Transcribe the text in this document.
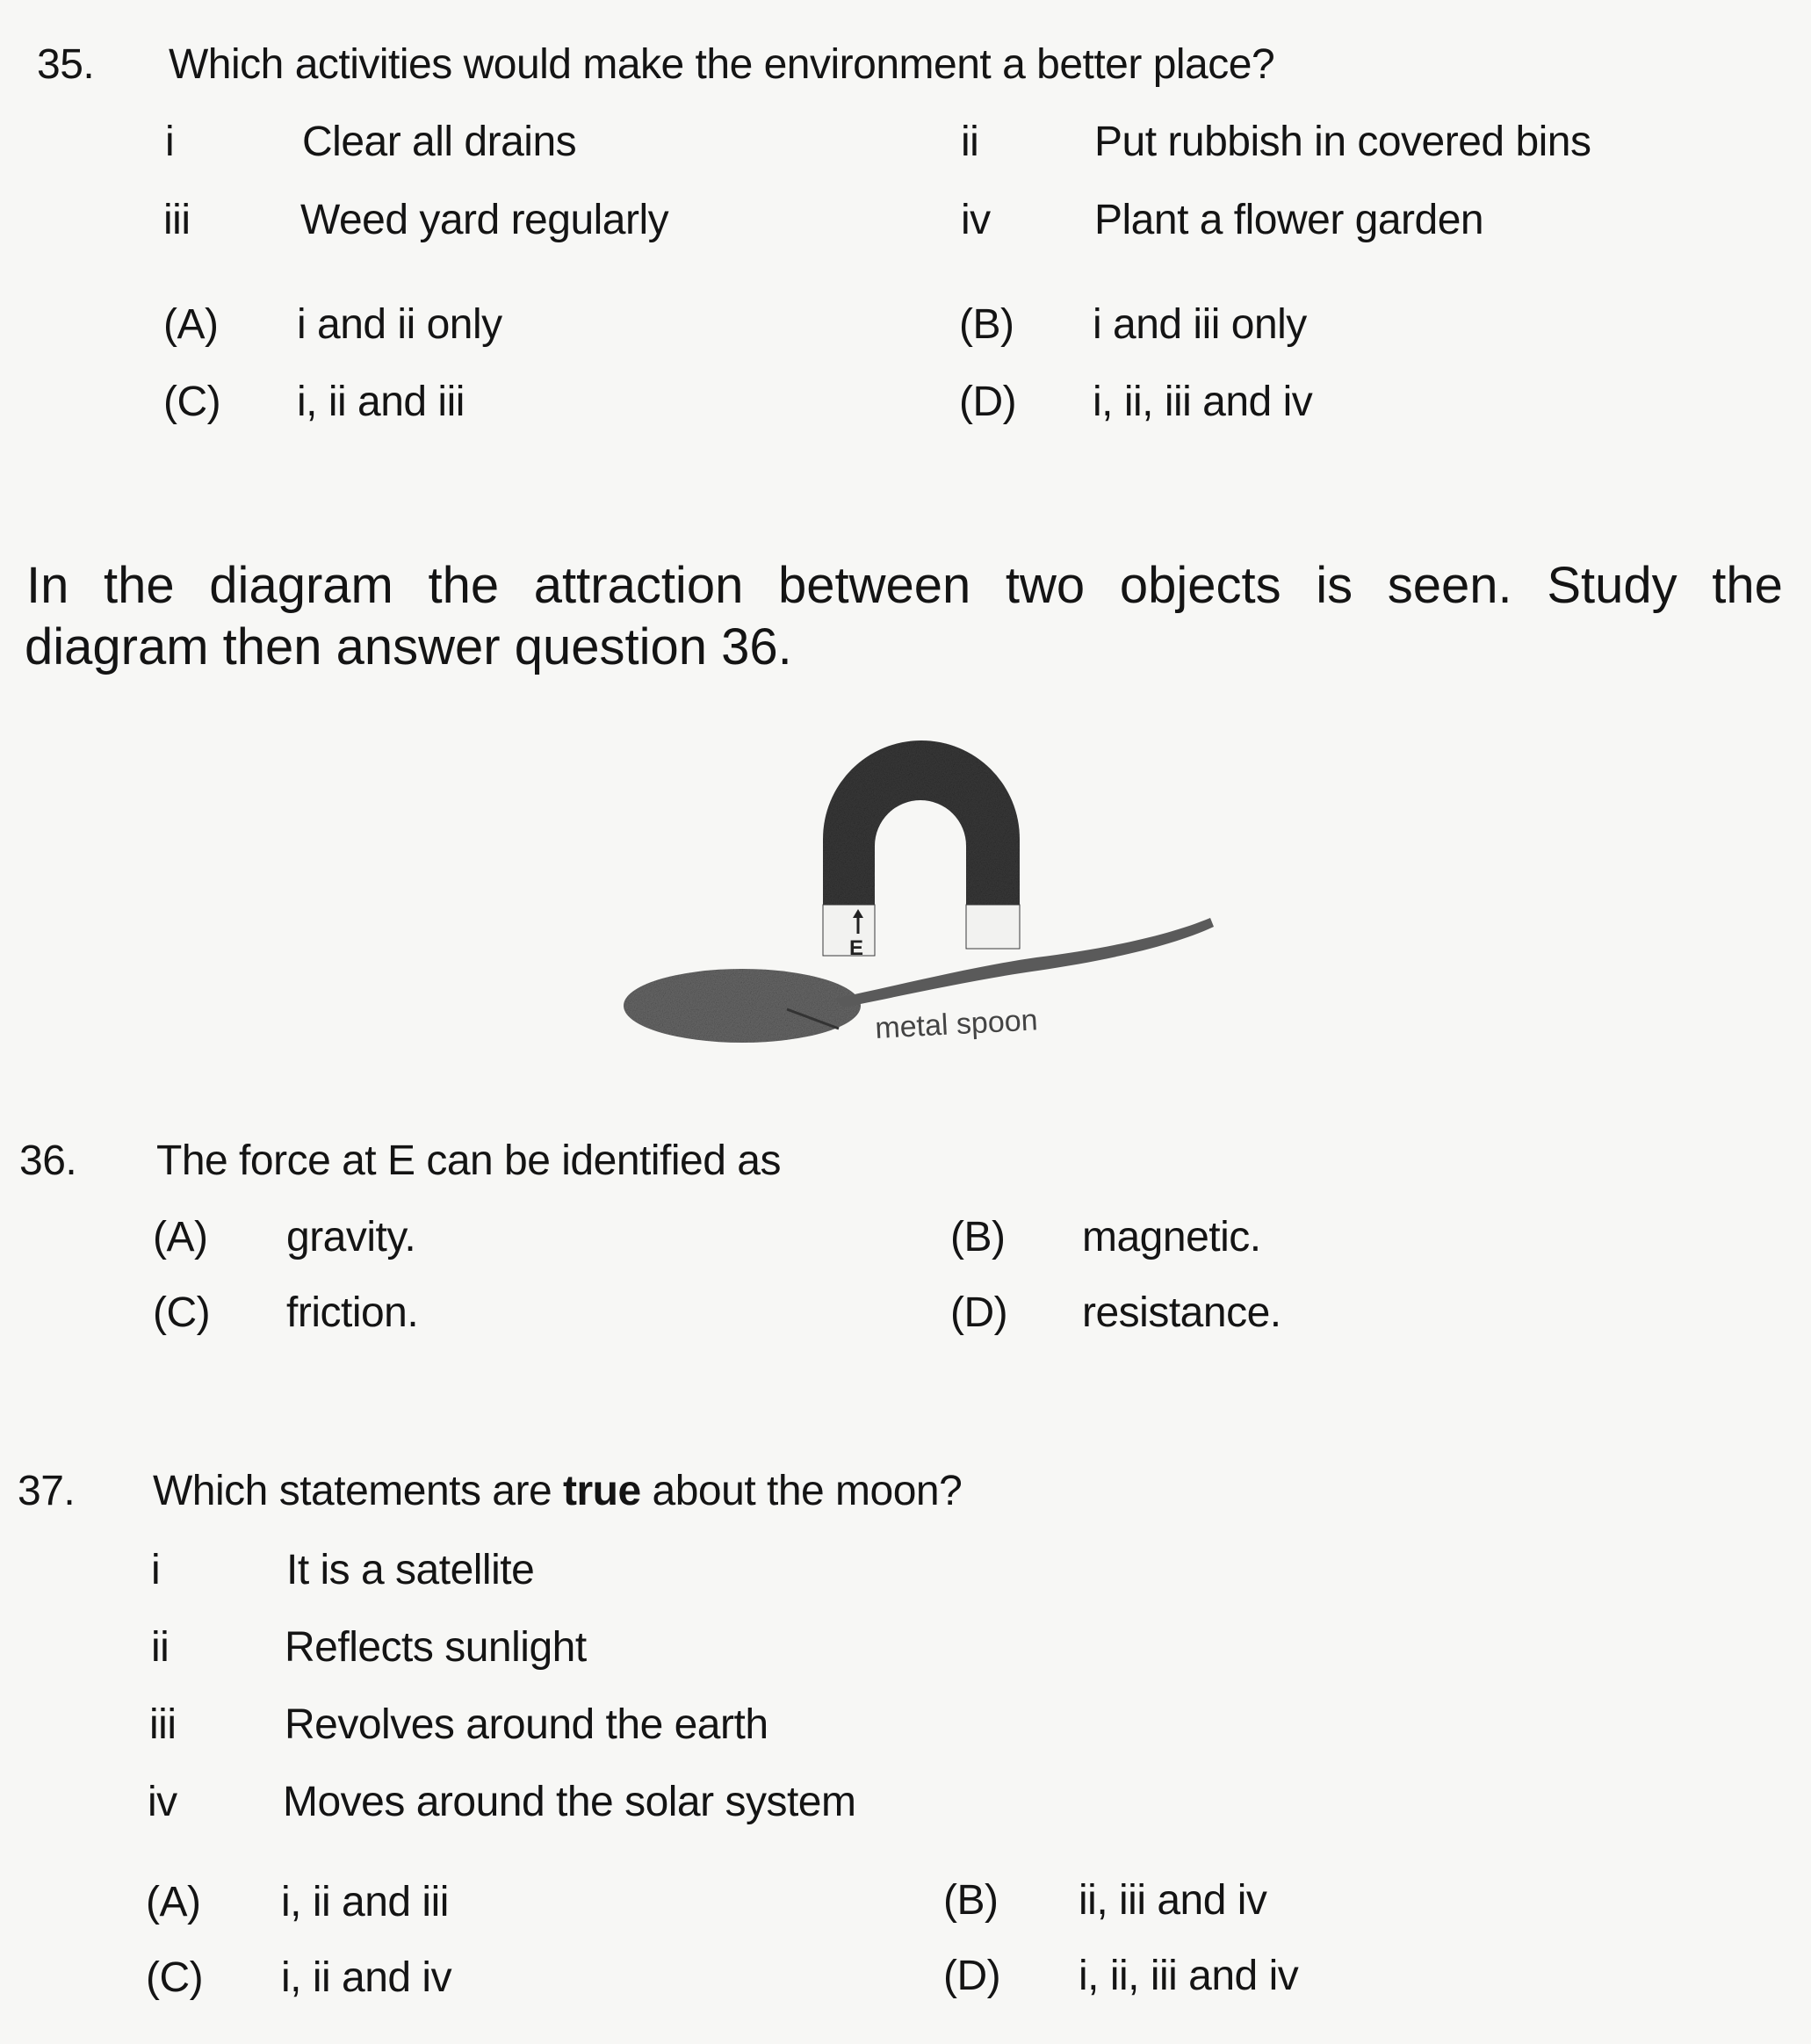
35. Which activities would make the environment a better place?
i	Clear all drains	ii	Put rubbish in covered bins
iii	Weed yard regularly	iv Plant a flower garden
(A) i and ii only	(B) i and iii only
(C) i, ii and iii	(D) i, ii, iii and iv
In the diagram the attraction between two objects is seen. Study the
diagram then answer question 36.
E
metal spoon
36. The force at E can be identified as
(A) gravity.	(B) magnetic.
(C) friction.	(D) resistance.
37. Which statements are true about the moon?
i	It is a satellite
ii	Reflects sunlight
iii	Revolves around the earth
iv	Moves around the solar system
(A) i, ii and iii	(B) ii, iii and iv
(C) i, ii and iv	(D) i, ii, iii and iv
